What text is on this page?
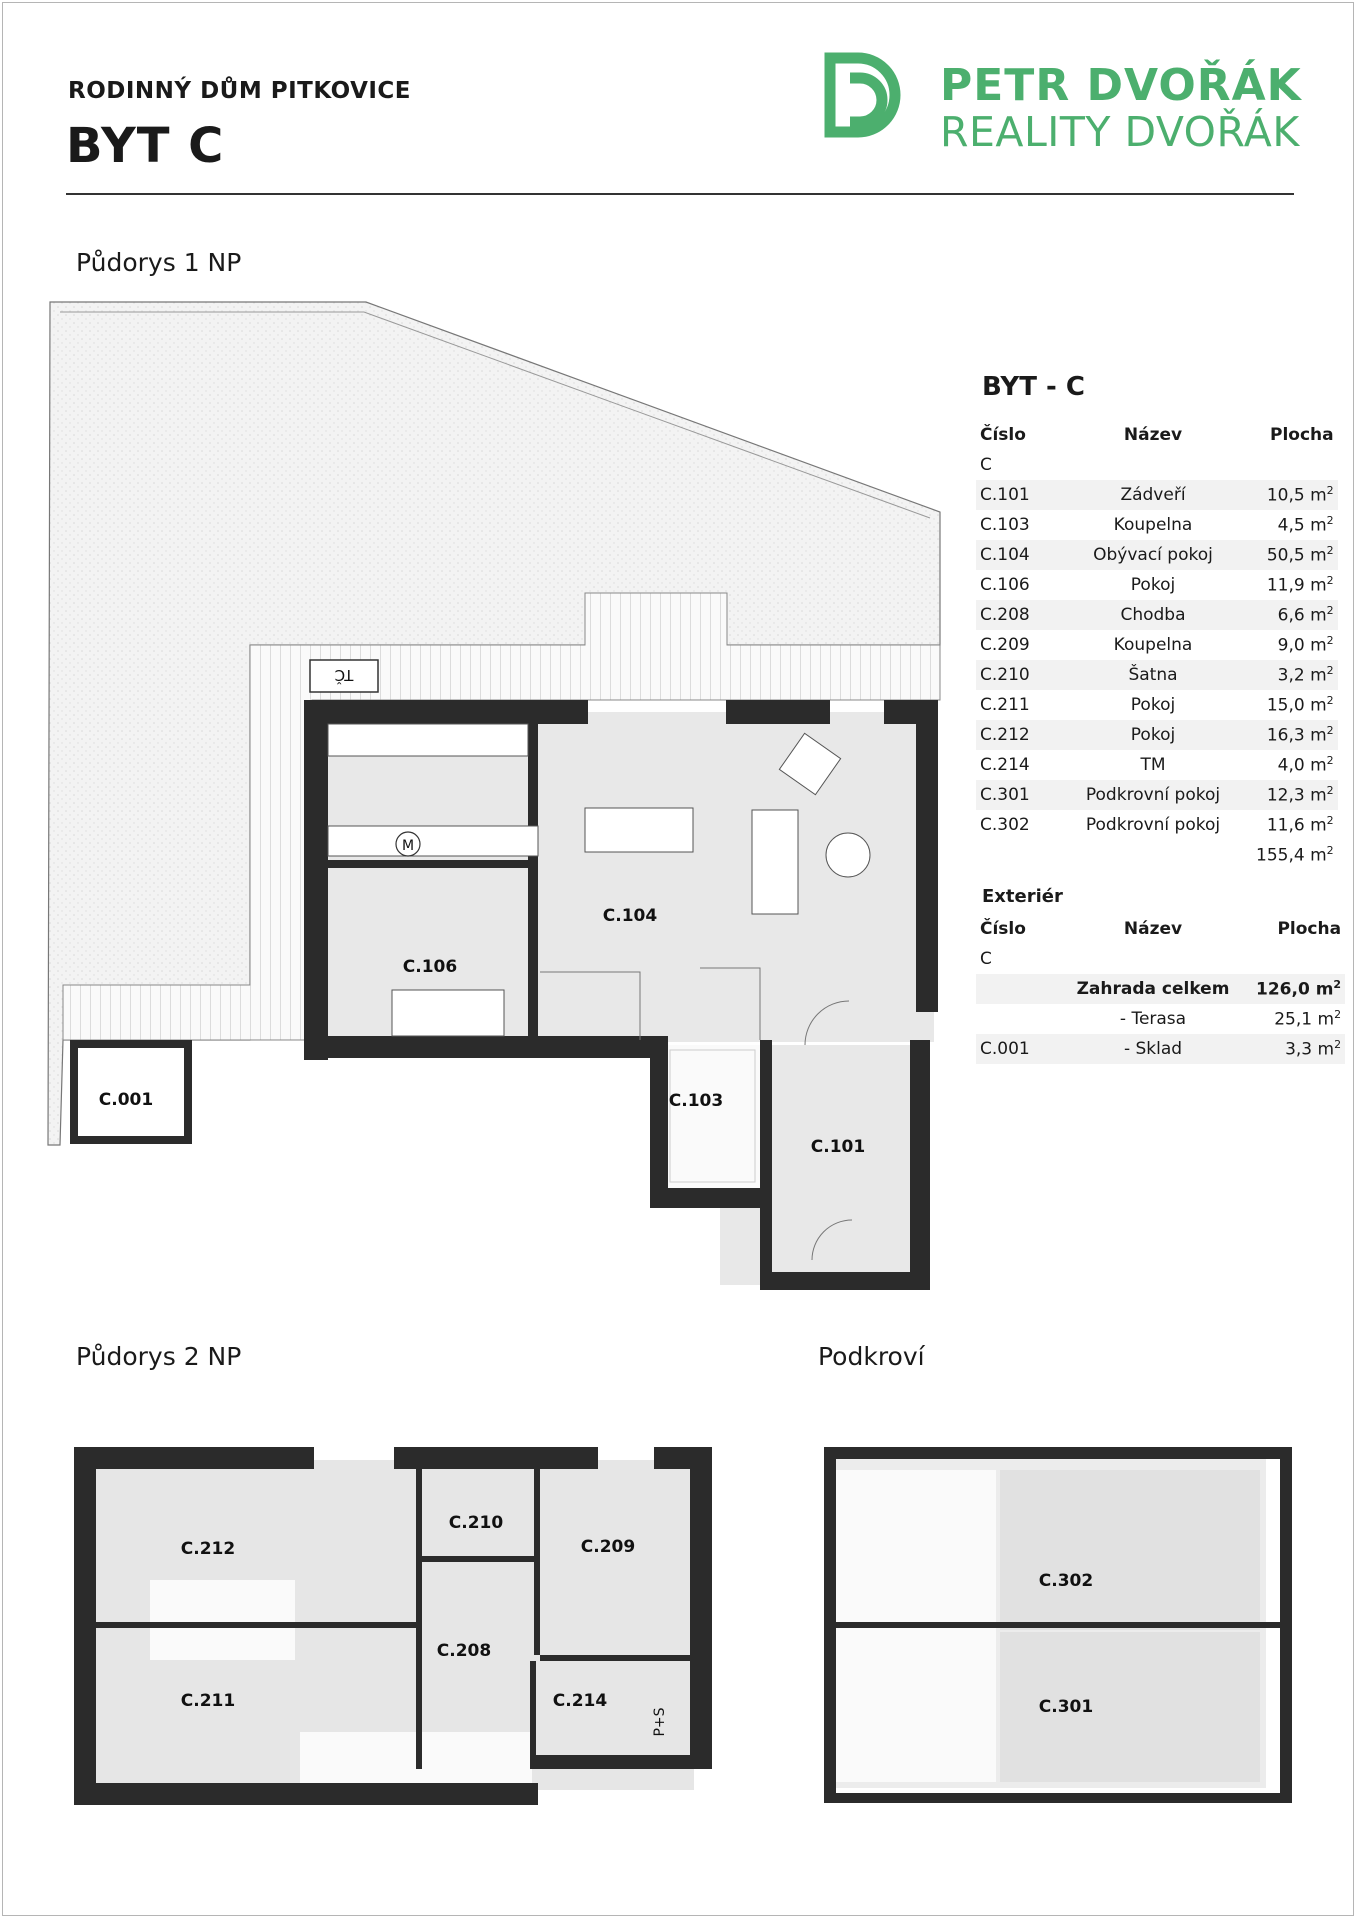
RODINNÝ DŮM PITKOVICE
BYT C
PETR DVOŘÁK
REALITY DVOŘÁK
Půdorys 1 NP
Půdorys 2 NP	Podkroví
TČ
M
C.104
C.106
C.001	C.103
C.101
C.212
C.210
C.209
C.208
C.211	C.214
P+S
C.302
C.301
BYT - C
Číslo	Název	Plocha
C		
C.101	Zádveří	10,5 $m^2$
C.103	Koupelna	4,5 $m^2$
C.104	Obývací pokoj	50,5 $m^2$
C.106	Pokoj	11,9 $m^2$
C.208	Chodba	6,6 $m^2$
C.209	Koupelna	9,0 $m^2$
C.210	Šatna	3,2 $m^2$
C.211	Pokoj	15,0 $m^2$
C.212	Pokoj	16,3 $m^2$
C.214	TM	4,0 $m^2$
C.301	Podkrovní pokoj	12,3 $m^2$
C.302	Podkrovní pokoj	11,6 $m^2$
		155,4 $m^2$
Exteriér
Číslo	Název	Plocha
C		
	Zahrada celkem	126,0 $m^2$
	- Terasa	25,1 $m^2$
C.001	- Sklad	3,3 $m^2$
